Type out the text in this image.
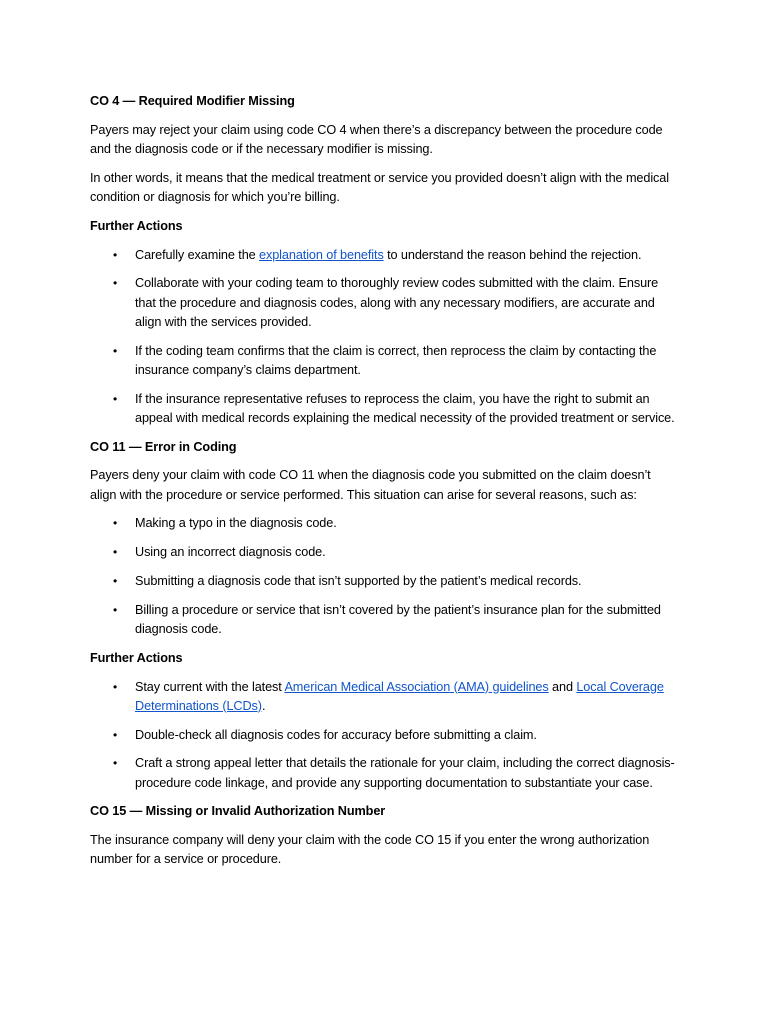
CO 4 — Required Modifier Missing
Payers may reject your claim using code CO 4 when there’s a discrepancy between the procedure code and the diagnosis code or if the necessary modifier is missing.
In other words, it means that the medical treatment or service you provided doesn’t align with the medical condition or diagnosis for which you’re billing.
Further Actions
• Carefully examine the explanation of benefits to understand the reason behind the rejection.
• Collaborate with your coding team to thoroughly review codes submitted with the claim. Ensure that the procedure and diagnosis codes, along with any necessary modifiers, are accurate and align with the services provided.
• If the coding team confirms that the claim is correct, then reprocess the claim by contacting the insurance company’s claims department.
• If the insurance representative refuses to reprocess the claim, you have the right to submit an appeal with medical records explaining the medical necessity of the provided treatment or service.
CO 11 — Error in Coding
Payers deny your claim with code CO 11 when the diagnosis code you submitted on the claim doesn’t align with the procedure or service performed. This situation can arise for several reasons, such as:
• Making a typo in the diagnosis code.
• Using an incorrect diagnosis code.
• Submitting a diagnosis code that isn’t supported by the patient’s medical records.
• Billing a procedure or service that isn’t covered by the patient’s insurance plan for the submitted diagnosis code.
Further Actions
• Stay current with the latest American Medical Association (AMA) guidelines and Local Coverage Determinations (LCDs).
• Double-check all diagnosis codes for accuracy before submitting a claim.
• Craft a strong appeal letter that details the rationale for your claim, including the correct diagnosis-procedure code linkage, and provide any supporting documentation to substantiate your case.
CO 15 — Missing or Invalid Authorization Number
The insurance company will deny your claim with the code CO 15 if you enter the wrong authorization number for a service or procedure.
